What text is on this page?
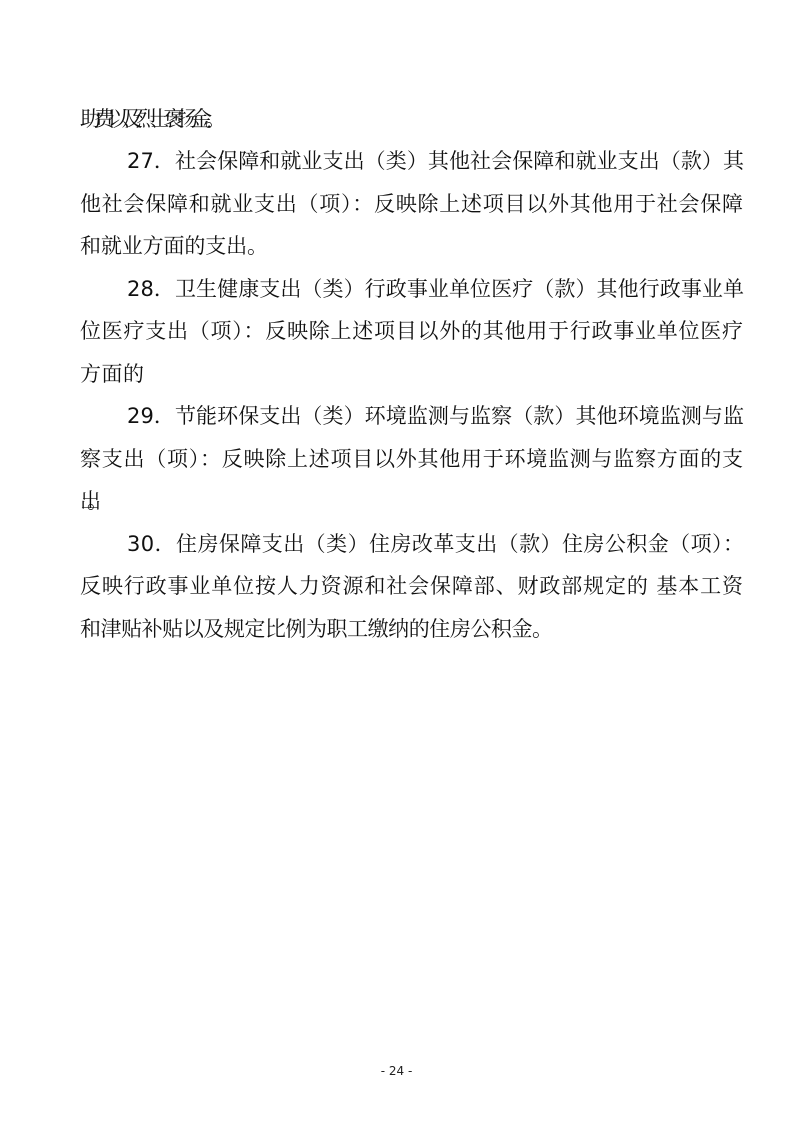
助费以及烈士褒扬金。
27．社会保障和就业支出（类）其他社会保障和就业支出（款）其
他社会保障和就业支出（项）：反映除上述项目以外其他用于社会保障
和就业方面的支出。
28．卫生健康支出（类）行政事业单位医疗（款）其他行政事业单
位医疗支出（项）：反映除上述项目以外的其他用于行政事业单位医疗
方面的
29．节能环保支出（类）环境监测与监察（款）其他环境监测与监
察支出（项）：反映除上述项目以外其他用于环境监测与监察方面的支
出。
30．住房保障支出（类）住房改革支出（款）住房公积金（项）：
反映行政事业单位按人力资源和社会保障部、财政部规定的 基本工资
和津贴补贴以及规定比例为职工缴纳的住房公积金。
- 24 -
